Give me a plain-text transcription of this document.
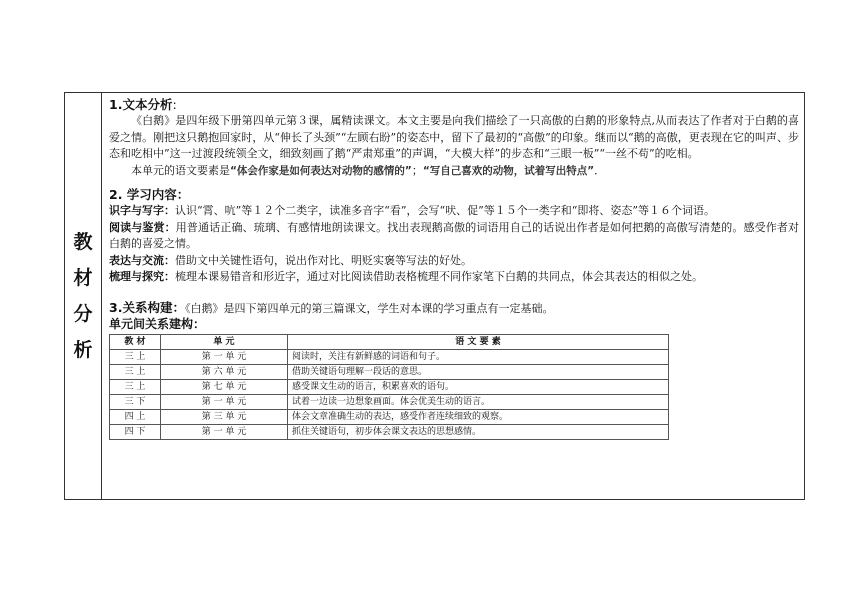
教
材
分
析

1.文本分析:

《白鹅》是四年级下册第四单元第３课，属精读课文。本文主要是向我们描绘了一只高傲的白鹅的形象特点,从而表达了作者对于白鹅的喜爱之情。刚把这只鹅抱回家时，从“伸长了头颈”“左顾右盼”的姿态中，留下了最初的“高傲”的印象。继而以“鹅的高傲，更表现在它的叫声、步态和吃相中”这一过渡段统领全文，细致刻画了鹅“严肃郑重”的声调，“大模大样”的步态和“三眼一板”“一丝不苟”的吃相。

本单元的语文要素是“体会作家是如何表达对动物的感情的”；“写自己喜欢的动物，试着写出特点”．

2. 学习内容：

识字与写字：认识“霄、吭”等１２个二类字，读准多音字“看”，会写“吠、促”等１５个一类字和“即将、姿态”等１６个词语。

阅读与鉴赏：用普通话正确、琉璃、有感情地朗读课文。找出表现鹅高傲的词语用自己的话说出作者是如何把鹅的高傲写清楚的。感受作者对白鹅的喜爱之情。

表达与交流：借助文中关键性语句，说出作对比、明贬实褒等写法的好处。

梳理与探究：梳理本课易错音和形近字，通过对比阅读借助表格梳理不同作家笔下白鹅的共同点，体会其表达的相似之处。

3.关系构建：《白鹅》是四下第四单元的第三篇课文，学生对本课的学习重点有一定基础。

单元间关系建构：

教 材	单 元	语 文 要 素
三 上	第 一 单 元	阅读时，关注有新鲜感的词语和句子。
三 上	第 六 单 元	借助关键语句理解一段话的意思。
三 上	第 七 单 元	感受课文生动的语言，积累喜欢的语句。
三 下	第 一 单 元	试着一边读一边想象画面。体会优美生动的语言。
四 上	第 三 单 元	体会文章准确生动的表达，感受作者连续细致的观察。
四 下	第 一 单 元	抓住关键语句，初步体会课文表达的思想感情。
